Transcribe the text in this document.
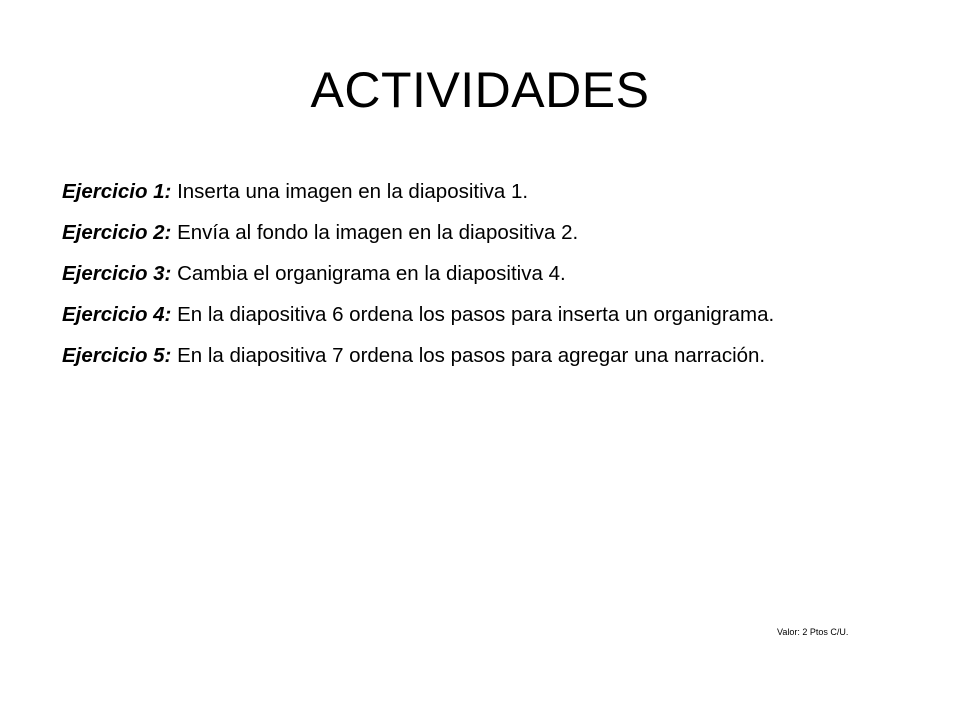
ACTIVIDADES
Ejercicio 1: Inserta una imagen en la diapositiva 1.
Ejercicio 2: Envía al fondo la imagen en la diapositiva 2.
Ejercicio 3: Cambia el organigrama en la diapositiva 4.
Ejercicio 4: En la diapositiva 6 ordena los pasos para inserta un organigrama.
Ejercicio 5: En la diapositiva 7 ordena los pasos para agregar una narración.
Valor: 2 Ptos C/U.
